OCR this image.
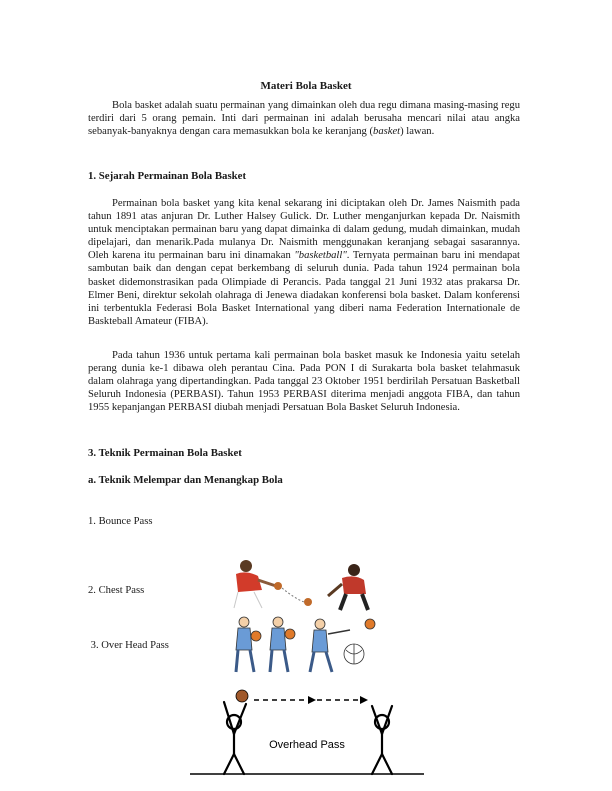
Materi Bola Basket

Bola basket adalah suatu permainan yang dimainkan oleh dua regu dimana masing-masing regu terdiri dari 5 orang pemain. Inti dari permainan ini adalah berusaha mencari nilai atau angka sebanyak-banyaknya dengan cara memasukkan bola ke keranjang (basket) lawan.

1. Sejarah Permainan Bola Basket

Permainan bola basket yang kita kenal sekarang ini diciptakan oleh Dr. James Naismith pada tahun 1891 atas anjuran Dr. Luther Halsey Gulick. Dr. Luther menganjurkan kepada Dr. Naismith untuk menciptakan permainan baru yang dapat dimainka di dalam gedung, mudah dimainkan, mudah dipelajari, dan menarik.Pada mulanya Dr. Naismith menggunakan keranjang sebagai sasarannya. Oleh karena itu permainan baru ini dinamakan "basketball". Ternyata permainan baru ini mendapat sambutan baik dan dengan cepat berkembang di seluruh dunia. Pada tahun 1924 permainan bola basket didemonstrasikan pada Olimpiade di Perancis. Pada tanggal 21 Juni 1932 atas prakarsa Dr. Elmer Beni, direktur sekolah olahraga di Jenewa diadakan konferensi bola basket. Dalam konferensi ini terbentukla Federasi Bola Basket International yang diberi nama Federation Internationale de Baskteball Amateur (FIBA).

Pada tahun 1936 untuk pertama kali permainan bola basket masuk ke Indonesia yaitu setelah perang dunia ke-1 dibawa oleh perantau Cina. Pada PON I di Surakarta bola basket telahmasuk dalam olahraga yang dipertandingkan. Pada tanggal 23 Oktober 1951 berdirilah Persatuan Basketball Seluruh Indonesia (PERBASI). Tahun 1953 PERBASI diterima menjadi anggota FIBA, dan tahun 1955 kepanjangan PERBASI diubah menjadi Persatuan Bola Basket Seluruh Indonesia.

3. Teknik Permainan Bola Basket
a. Teknik Melempar dan Menangkap Bola
1. Bounce Pass
2. Chest Pass
3. Over Head Pass
Overhead Pass
